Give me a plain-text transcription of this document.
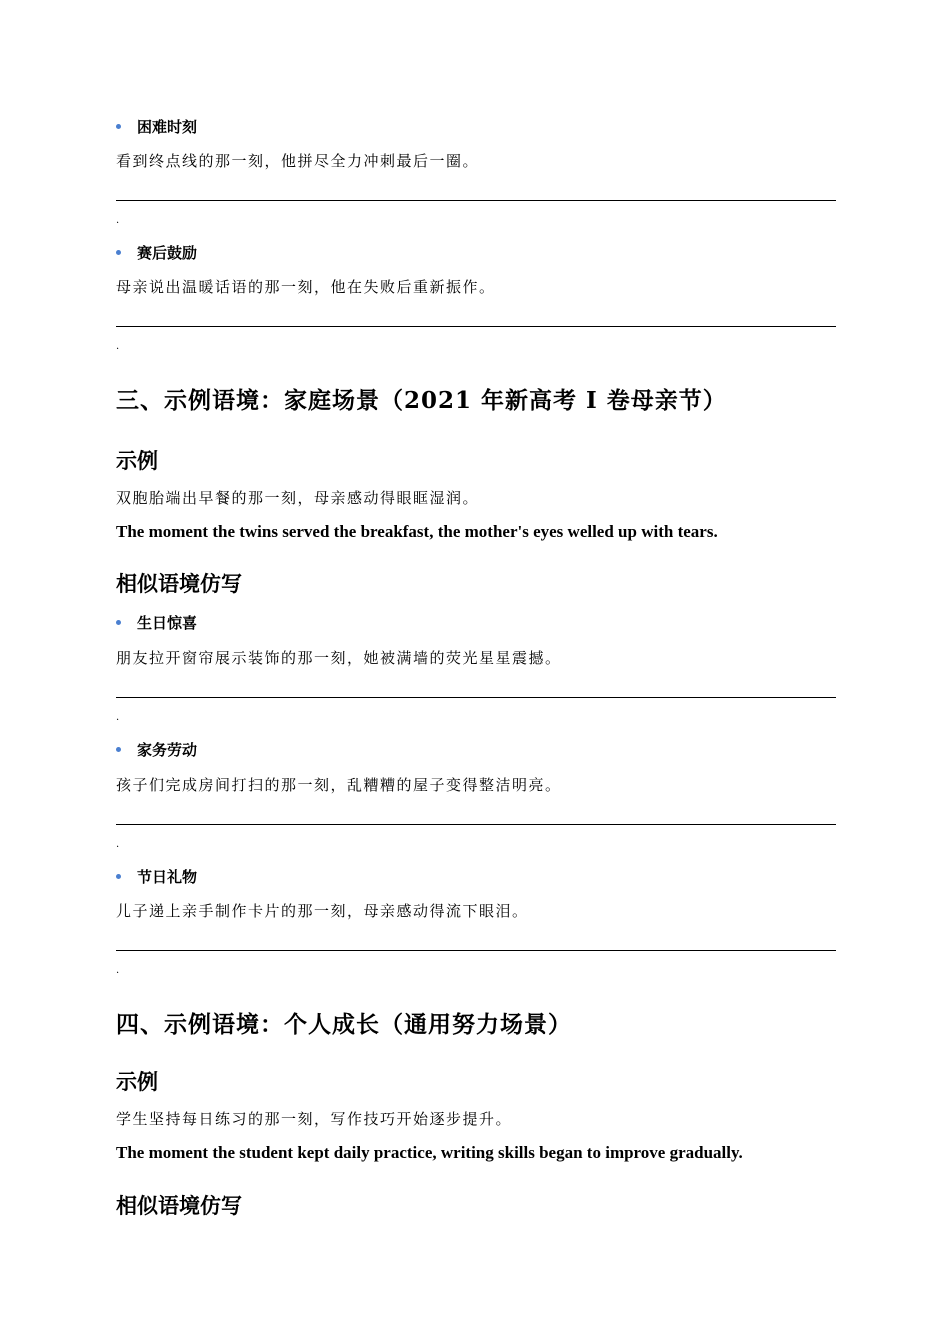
困难时刻
看到终点线的那一刻，他拼尽全力冲刺最后一圈。
.
赛后鼓励
母亲说出温暖话语的那一刻，他在失败后重新振作。
.
三、示例语境：家庭场景（2021 年新高考 Ⅰ 卷母亲节）
示例
双胞胎端出早餐的那一刻，母亲感动得眼眶湿润。
The moment the twins served the breakfast, the mother's eyes welled up with tears.
相似语境仿写
生日惊喜
朋友拉开窗帘展示装饰的那一刻，她被满墙的荧光星星震撼。
.
家务劳动
孩子们完成房间打扫的那一刻，乱糟糟的屋子变得整洁明亮。
.
节日礼物
儿子递上亲手制作卡片的那一刻，母亲感动得流下眼泪。
.
四、示例语境：个人成长（通用努力场景）
示例
学生坚持每日练习的那一刻，写作技巧开始逐步提升。
The moment the student kept daily practice, writing skills began to improve gradually.
相似语境仿写
